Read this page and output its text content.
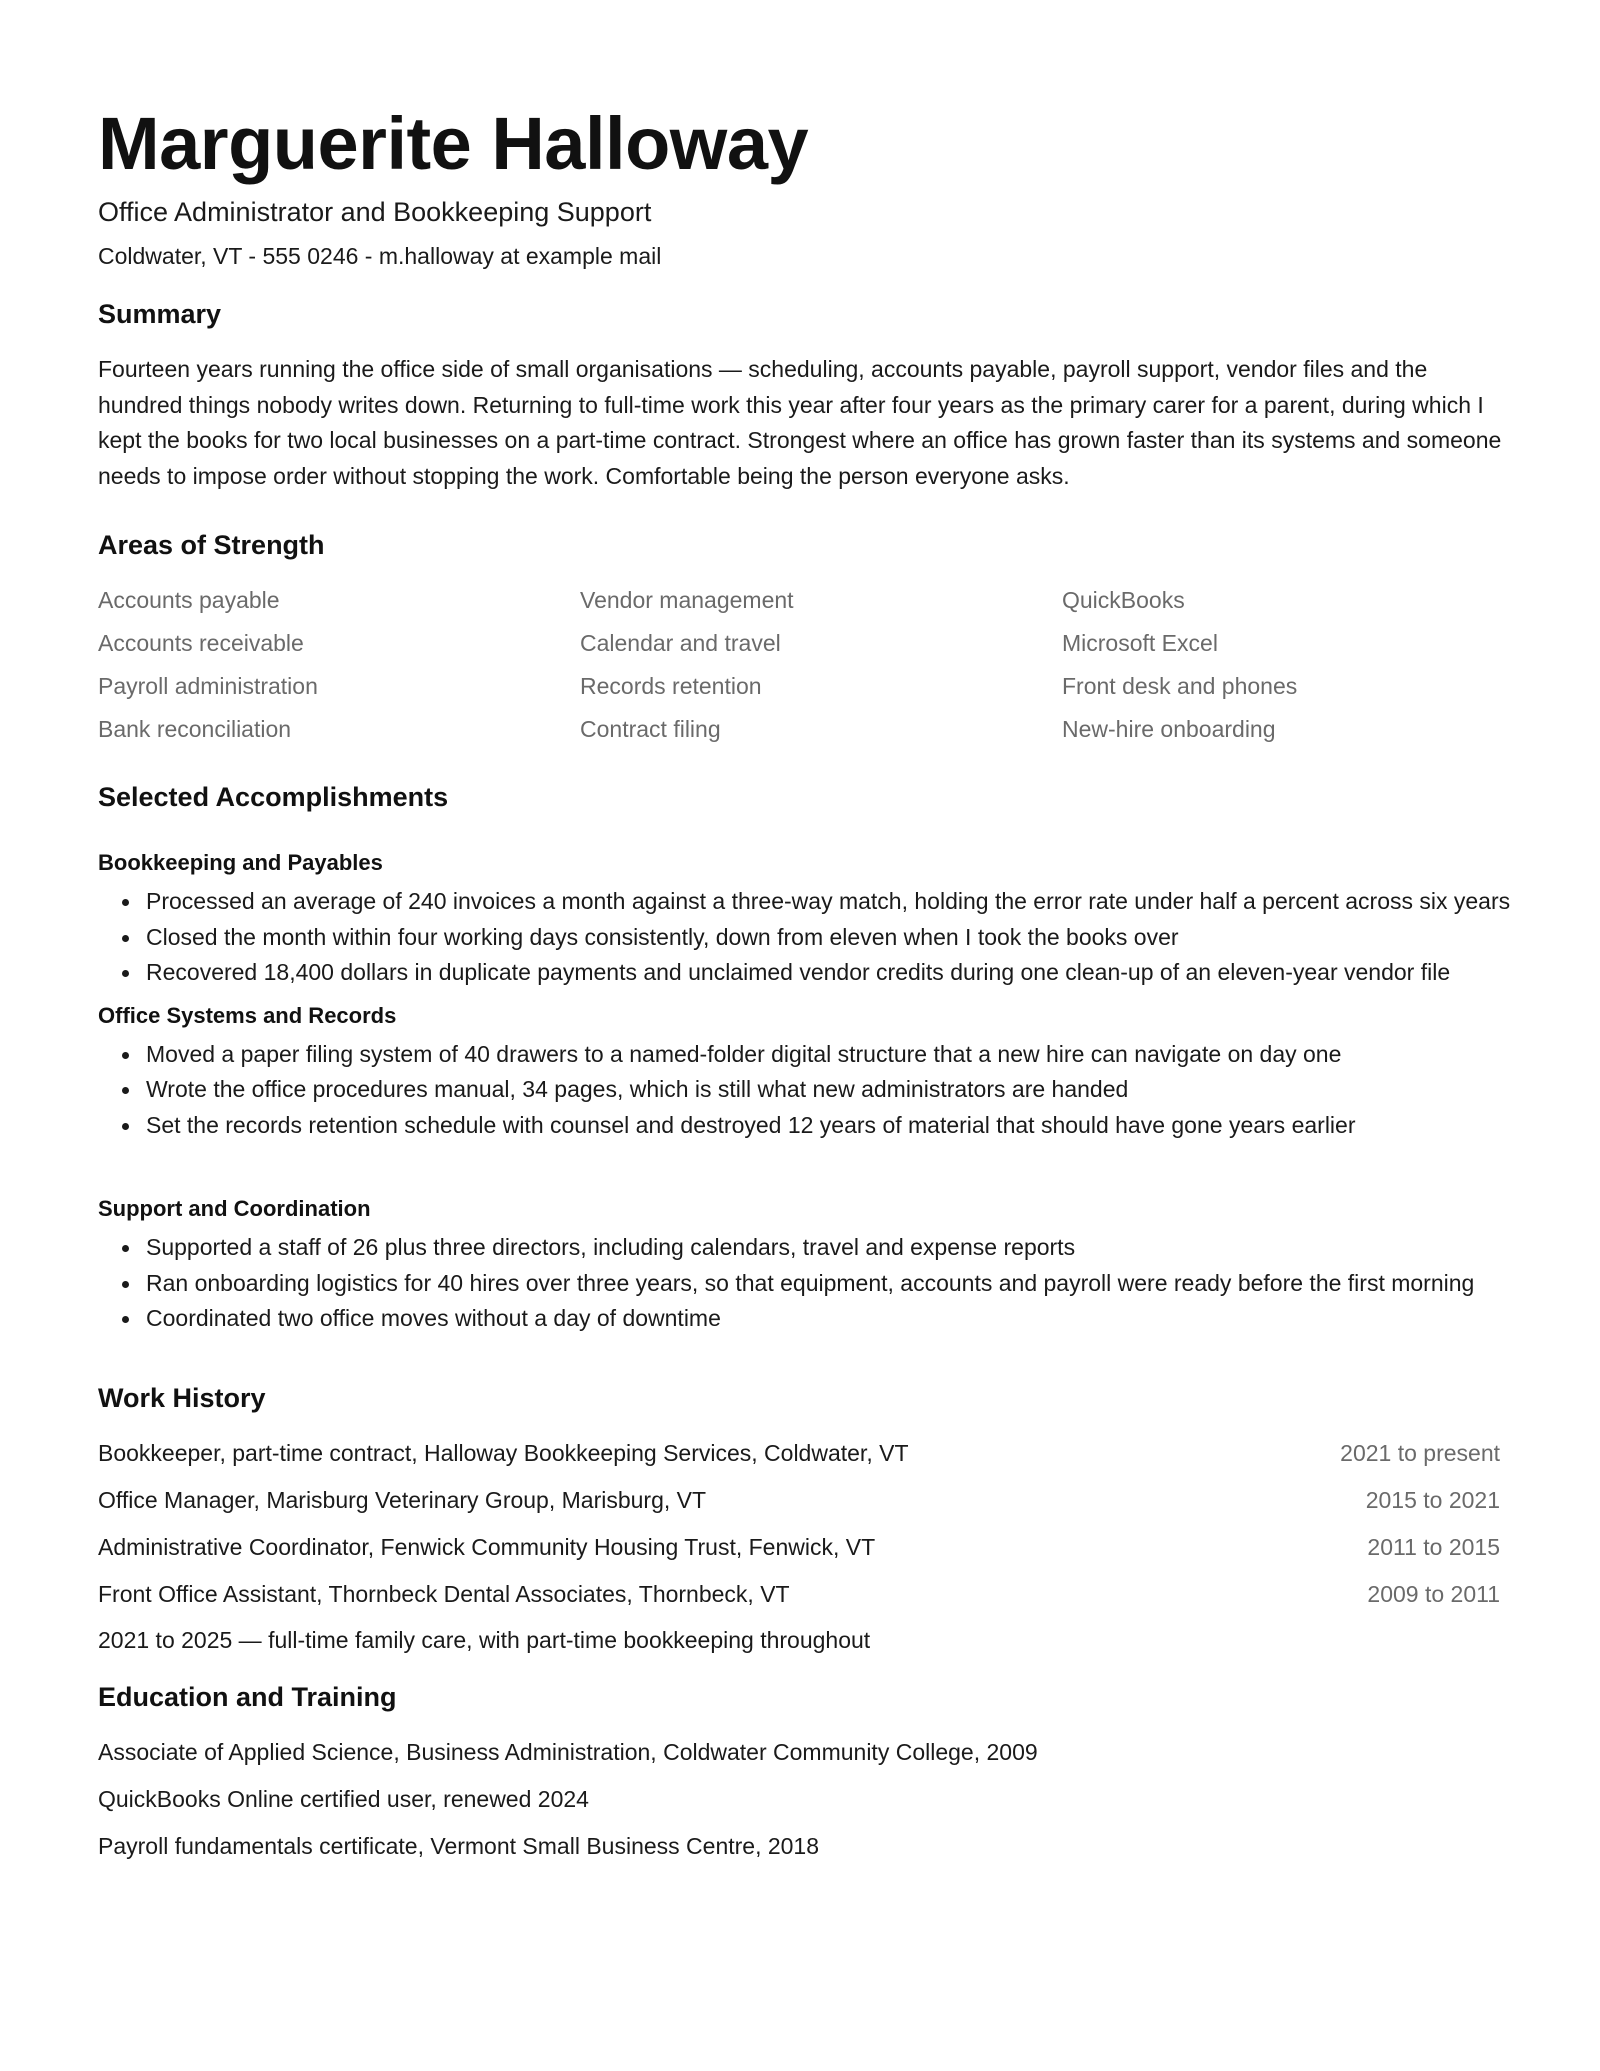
Marguerite Halloway
Office Administrator and Bookkeeping Support
Coldwater, VT - 555 0246 - m.halloway at example mail
Summary

Fourteen years running the office side of small organisations — scheduling, accounts payable, payroll support, vendor files and the hundred things nobody writes down. Returning to full-time work this year after four years as the primary carer for a parent, during which I kept the books for two local businesses on a part-time contract. Strongest where an office has grown faster than its systems and someone needs to impose order without stopping the work. Comfortable being the person everyone asks.

Areas of Strength
Accounts payable	Vendor management	QuickBooks
Accounts receivable	Calendar and travel	Microsoft Excel
Payroll administration	Records retention	Front desk and phones
Bank reconciliation	Contract filing	New-hire onboarding
Selected Accomplishments
Bookkeeping and Payables
Processed an average of 240 invoices a month against a three-way match, holding the error rate under half a percent across six years
Closed the month within four working days consistently, down from eleven when I took the books over
Recovered 18,400 dollars in duplicate payments and unclaimed vendor credits during one clean-up of an eleven-year vendor file
Office Systems and Records
Moved a paper filing system of 40 drawers to a named-folder digital structure that a new hire can navigate on day one
Wrote the office procedures manual, 34 pages, which is still what new administrators are handed
Set the records retention schedule with counsel and destroyed 12 years of material that should have gone years earlier
Support and Coordination
Supported a staff of 26 plus three directors, including calendars, travel and expense reports
Ran onboarding logistics for 40 hires over three years, so that equipment, accounts and payroll were ready before the first morning
Coordinated two office moves without a day of downtime
Work History
Bookkeeper, part-time contract, Halloway Bookkeeping Services, Coldwater, VT	2021 to present
Office Manager, Marisburg Veterinary Group, Marisburg, VT	2015 to 2021
Administrative Coordinator, Fenwick Community Housing Trust, Fenwick, VT	2011 to 2015
Front Office Assistant, Thornbeck Dental Associates, Thornbeck, VT	2009 to 2011
2021 to 2025 — full-time family care, with part-time bookkeeping throughout
Education and Training
Associate of Applied Science, Business Administration, Coldwater Community College, 2009
QuickBooks Online certified user, renewed 2024
Payroll fundamentals certificate, Vermont Small Business Centre, 2018
